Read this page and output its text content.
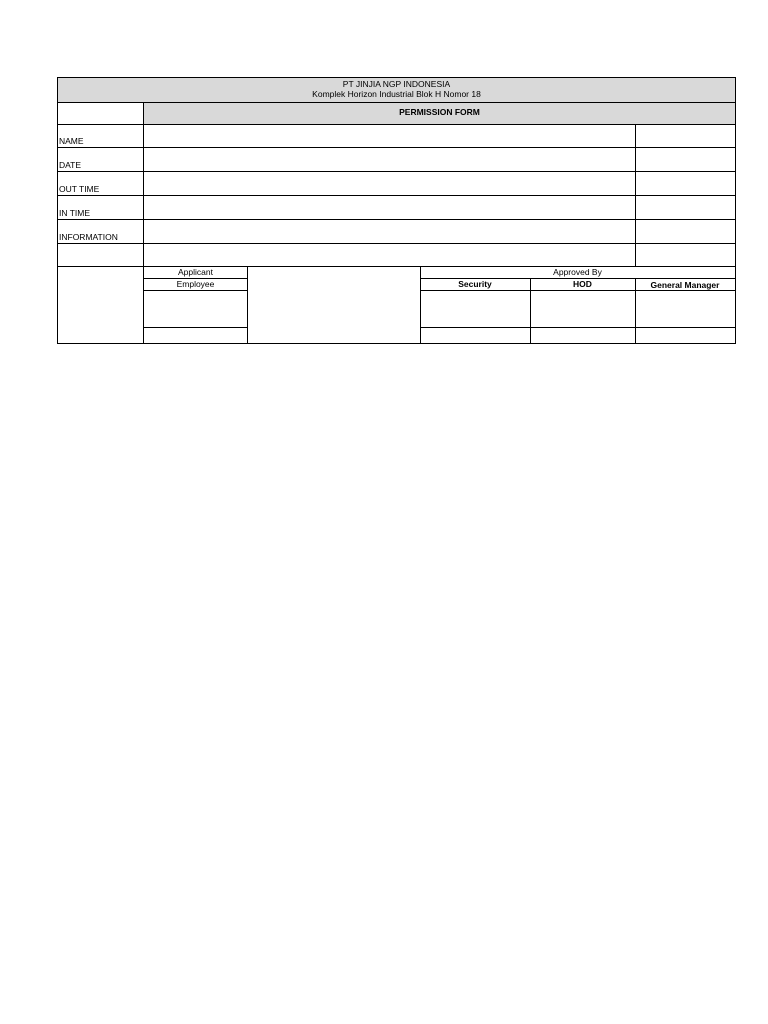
PT JINJIA NGP INDONESIA
Komplek Horizon Industrial Blok H Nomor 18
PERMISSION FORM
NAME
DATE
OUT TIME
IN TIME
INFORMATION
Applicant
Employee
Approved By
Security	HOD	General Manager
